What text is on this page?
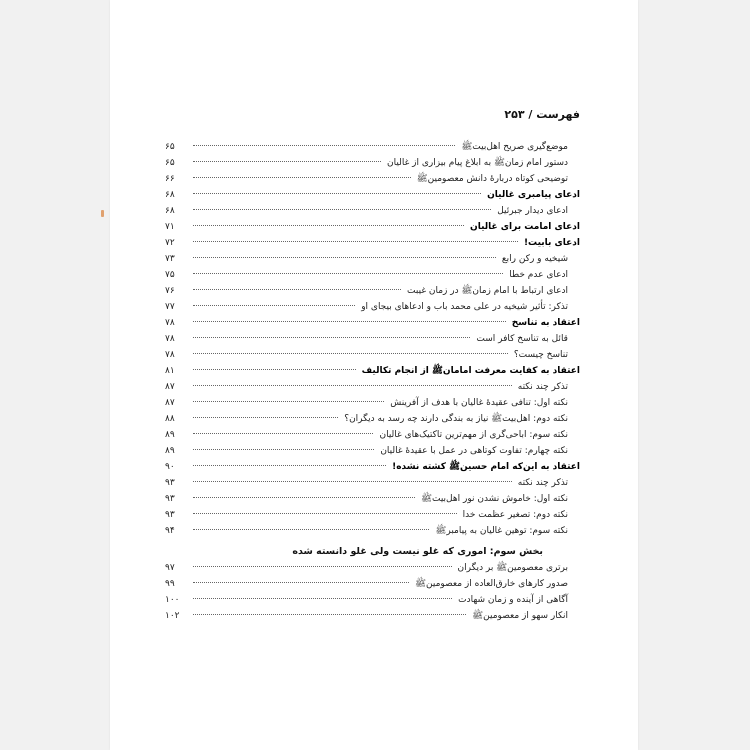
فهرست / ۲۵۳
موضع‌گیری صریح اهل‌بیتﷺ
۶۵
دستور امام زمانﷺ به ابلاغ پیام بیزاری از غالیان
۶۵
توضیحی کوتاه دربارهٔ دانش معصومینﷺ
۶۶
ادعای پیامبری غالیان
۶۸
ادعای دیدار جبرئیل
۶۸
ادعای امامت برای غالیان
۷۱
ادعای بابیت!
۷۲
شیخیه و رکن رابع
۷۳
ادعای عدم خطا
۷۵
ادعای ارتباط با امام زمانﷺ در زمان غیبت
۷۶
تذکر: تأثیر شیخیه در علی محمد باب و ادعاهای بیجای او
۷۷
اعتقاد به تناسخ
۷۸
قائل به تناسخ کافر است
۷۸
تناسخ چیست؟
۷۸
اعتقاد به کفایت معرفت امامانﷺ از انجام تکالیف
۸۱
تذکر چند نکته
۸۷
نکته اول: تنافی عقیدهٔ غالیان با هدف از آفرینش
۸۷
نکته دوم: اهل‌بیتﷺ نیاز به بندگی دارند چه رسد به دیگران؟
۸۸
نکته سوم: اباحی‌گری از مهم‌ترین تاکتیک‌های غالیان
۸۹
نکته چهارم: تفاوت کوتاهی در عمل با عقیدهٔ غالیان
۸۹
اعتقاد به این‌که امام حسینﷺ کشته نشده!
۹۰
تذکر چند نکته
۹۳
نکته اول: خاموش نشدن نور اهل‌بیتﷺ
۹۳
نکته دوم: تصغیر عظمت خدا
۹۳
نکته سوم: توهین غالیان به پیامبرﷺ
۹۴
بخش سوم: اموری که غلو نیست ولی غلو دانسته شده
برتری معصومینﷺ بر دیگران
۹۷
صدور کارهای خارق‌العاده از معصومینﷺ
۹۹
آگاهی از آینده و زمان شهادت
۱۰۰
انکار سهو از معصومینﷺ
۱۰۲
